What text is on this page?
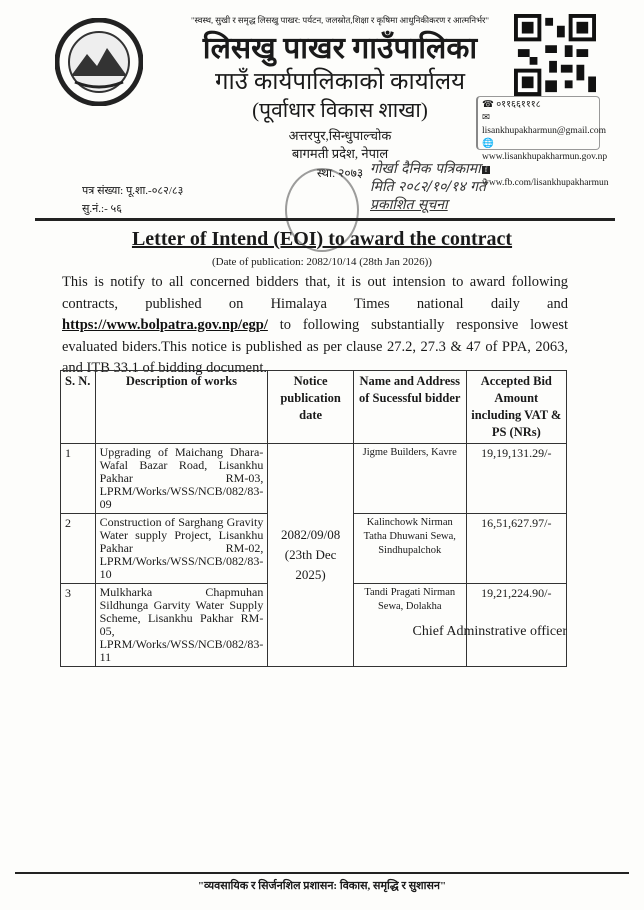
"स्वस्थ, सुखी र समृद्ध लिसखु पाखर: पर्यटन, जलस्रोत,शिक्षा र कृषिमा आधुनिकीकरण र आत्मनिर्भर"
लिसखु पाखर गाउँपालिका
गाउँ कार्यपालिकाको कार्यालय
(पूर्वाधार विकास शाखा)
अत्तरपुर,सिन्धुपाल्चोक
बागमती प्रदेश, नेपाल
स्था. २०७३
☎ ०११६६१११८
✉ lisankhupakharmun@gmail.com
🌐 www.lisankhupakharmun.gov.np
f www.fb.com/lisankhupakharmun
पत्र संख्या: पू.शा.-०८२/८३
सु.नं.:- ५६
गोर्खा दैनिक पत्रिकामा
मिति २०८२/१०/१४ गते
प्रकाशित सूचना
Letter of Intend (EOI) to award the contract
(Date of publication: 2082/10/14 (28th Jan 2026))
This is notify to all concerned bidders that, it is out intension to award following contracts, published on Himalaya Times national daily and https://www.bolpatra.gov.np/egp/ to following substantially responsive lowest evaluated biders.This notice is published as per clause 27.2, 27.3 & 47 of PPA, 2063, and ITB 33.1 of bidding document.
S. N.	Description of works	Notice publication date	Name and Address of Sucessful bidder	Accepted Bid Amount including VAT & PS (NRs)
1	Upgrading of Maichang Dhara-Wafal Bazar Road, Lisankhu Pakhar RM-03, LPRM/Works/WSS/NCB/082/83-09	2082/09/08 (23th Dec 2025)	Jigme Builders, Kavre	19,19,131.29/-
2	Construction of Sarghang Gravity Water supply Project, Lisankhu Pakhar RM-02, LPRM/Works/WSS/NCB/082/83-10		Kalinchowk Nirman Tatha Dhuwani Sewa, Sindhupalchok	16,51,627.97/-
3	Mulkharka Chapmuhan Sildhunga Garvity Water Supply Scheme, Lisankhu Pakhar RM-05, LPRM/Works/WSS/NCB/082/83-11		Tandi Pragati Nirman Sewa, Dolakha	19,21,224.90/-
Chief Adminstrative officer
"व्यवसायिक र सिर्जनशिल प्रशासन: विकास, समृद्धि र सुशासन"
